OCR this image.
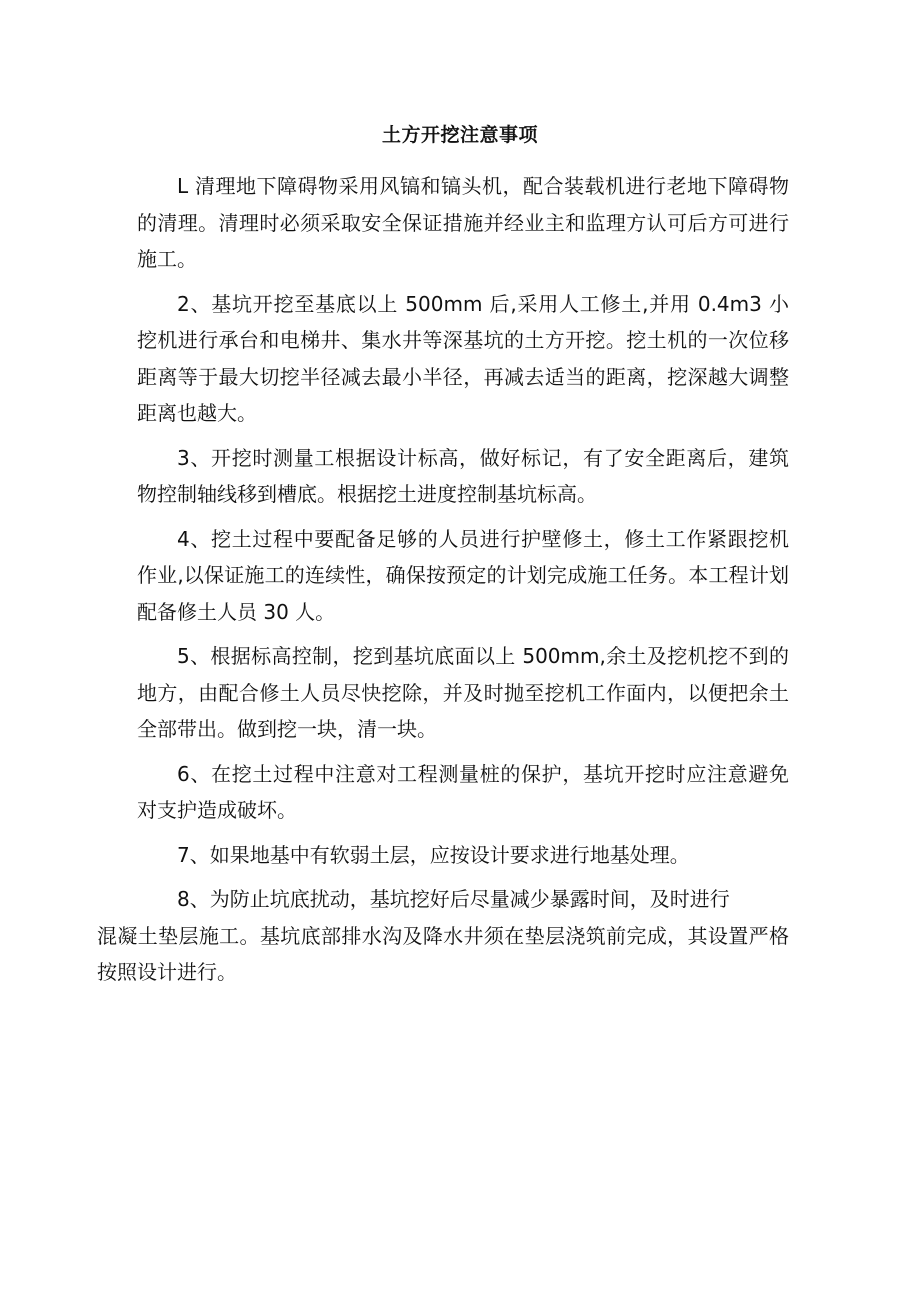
土方开挖注意事项

L 清理地下障碍物采用风镐和镐头机，配合装载机进行老地下障碍物的清理。清理时必须采取安全保证措施并经业主和监理方认可后方可进行施工。

2、基坑开挖至基底以上 500mm 后,采用人工修土,并用 0.4m3 小挖机进行承台和电梯井、集水井等深基坑的土方开挖。挖土机的一次位移距离等于最大切挖半径减去最小半径，再减去适当的距离，挖深越大调整距离也越大。

3、开挖时测量工根据设计标高，做好标记，有了安全距离后，建筑物控制轴线移到槽底。根据挖土进度控制基坑标高。

4、挖土过程中要配备足够的人员进行护壁修土，修土工作紧跟挖机作业,以保证施工的连续性，确保按预定的计划完成施工任务。本工程计划配备修土人员 30 人。

5、根据标高控制，挖到基坑底面以上 500mm,余土及挖机挖不到的地方，由配合修土人员尽快挖除，并及时抛至挖机工作面内，以便把余土全部带出。做到挖一块，清一块。

6、在挖土过程中注意对工程测量桩的保护，基坑开挖时应注意避免对支护造成破坏。

7、如果地基中有软弱土层，应按设计要求进行地基处理。

8、为防止坑底扰动，基坑挖好后尽量减少暴露时间，及时进行
混凝土垫层施工。基坑底部排水沟及降水井须在垫层浇筑前完成，其设置严格按照设计进行。
